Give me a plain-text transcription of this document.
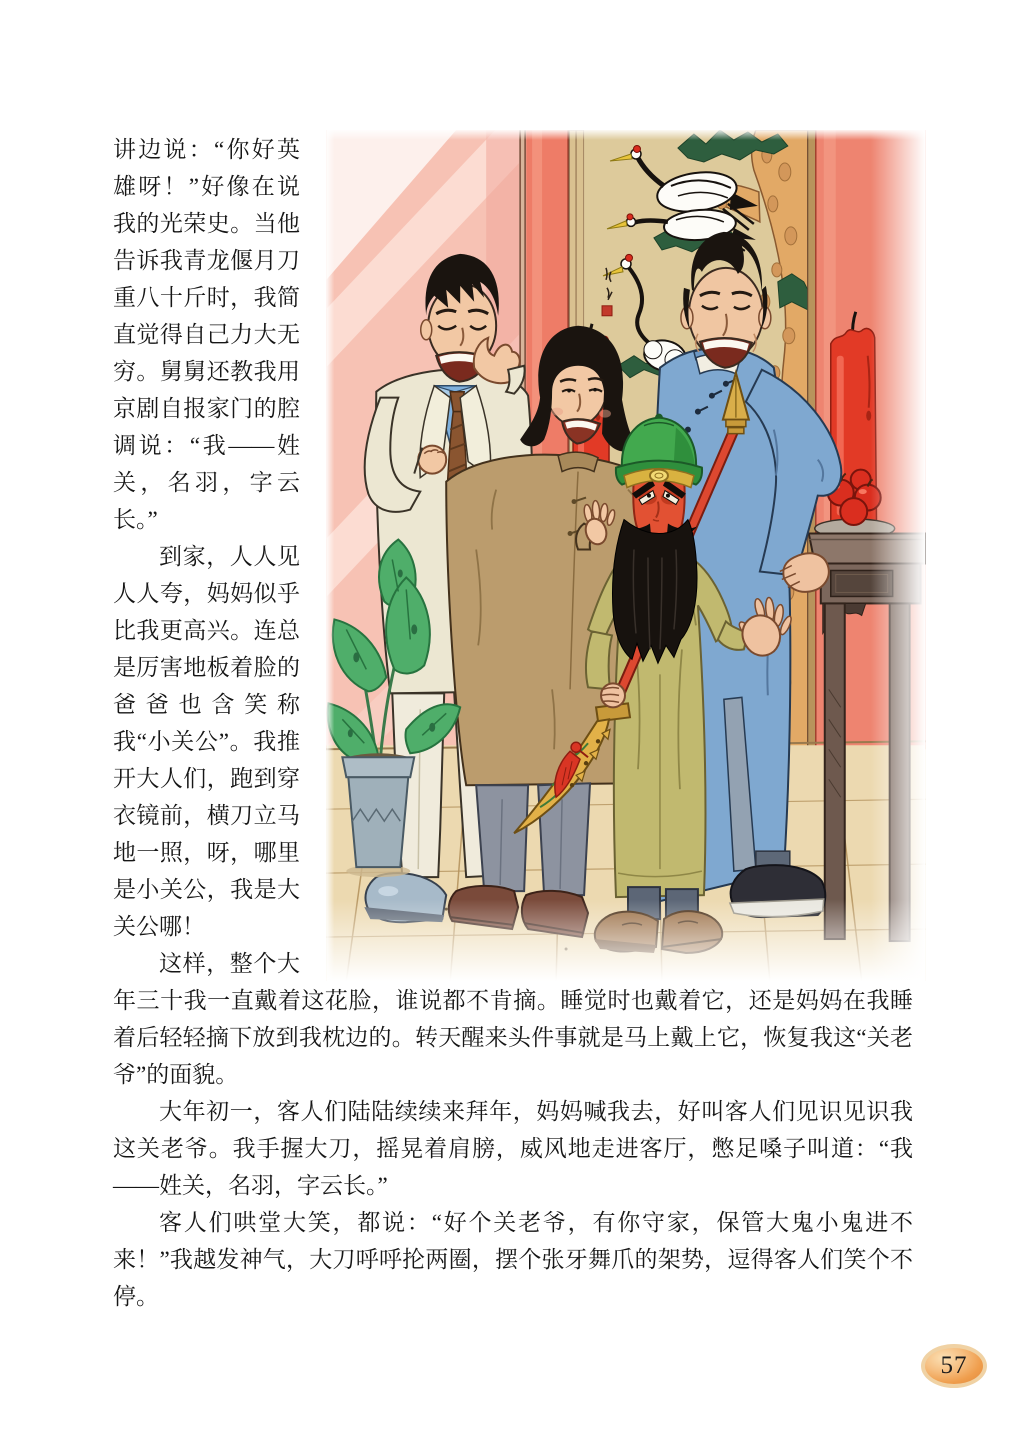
讲边说：“你好英雄呀！”好像在说我的光荣史。当他告诉我青龙偃月刀重八十斤时，我简直觉得自己力大无穷。舅舅还教我用京剧自报家门的腔调说：“我——姓关，名羽，字云长。”

到家，人人见人人夸，妈妈似乎比我更高兴。连总是厉害地板着脸的爸爸也含笑称我“小关公”。我推开大人们，跑到穿衣镜前，横刀立马地一照，呀，哪里是小关公，我是大关公哪！

这样，整个大年三十我一直戴着这花脸，谁说都不肯摘。睡觉时也戴着它，还是妈妈在我睡着后轻轻摘下放到我枕边的。转天醒来头件事就是马上戴上它，恢复我这“关老爷”的面貌。

大年初一，客人们陆陆续续来拜年，妈妈喊我去，好叫客人们见识见识我这关老爷。我手握大刀，摇晃着肩膀，威风地走进客厅，憋足嗓子叫道：“我——姓关，名羽，字云长。”

客人们哄堂大笑，都说：“好个关老爷，有你守家，保管大鬼小鬼进不来！”我越发神气，大刀呼呼抡两圈，摆个张牙舞爪的架势，逗得客人们笑个不停。

57
